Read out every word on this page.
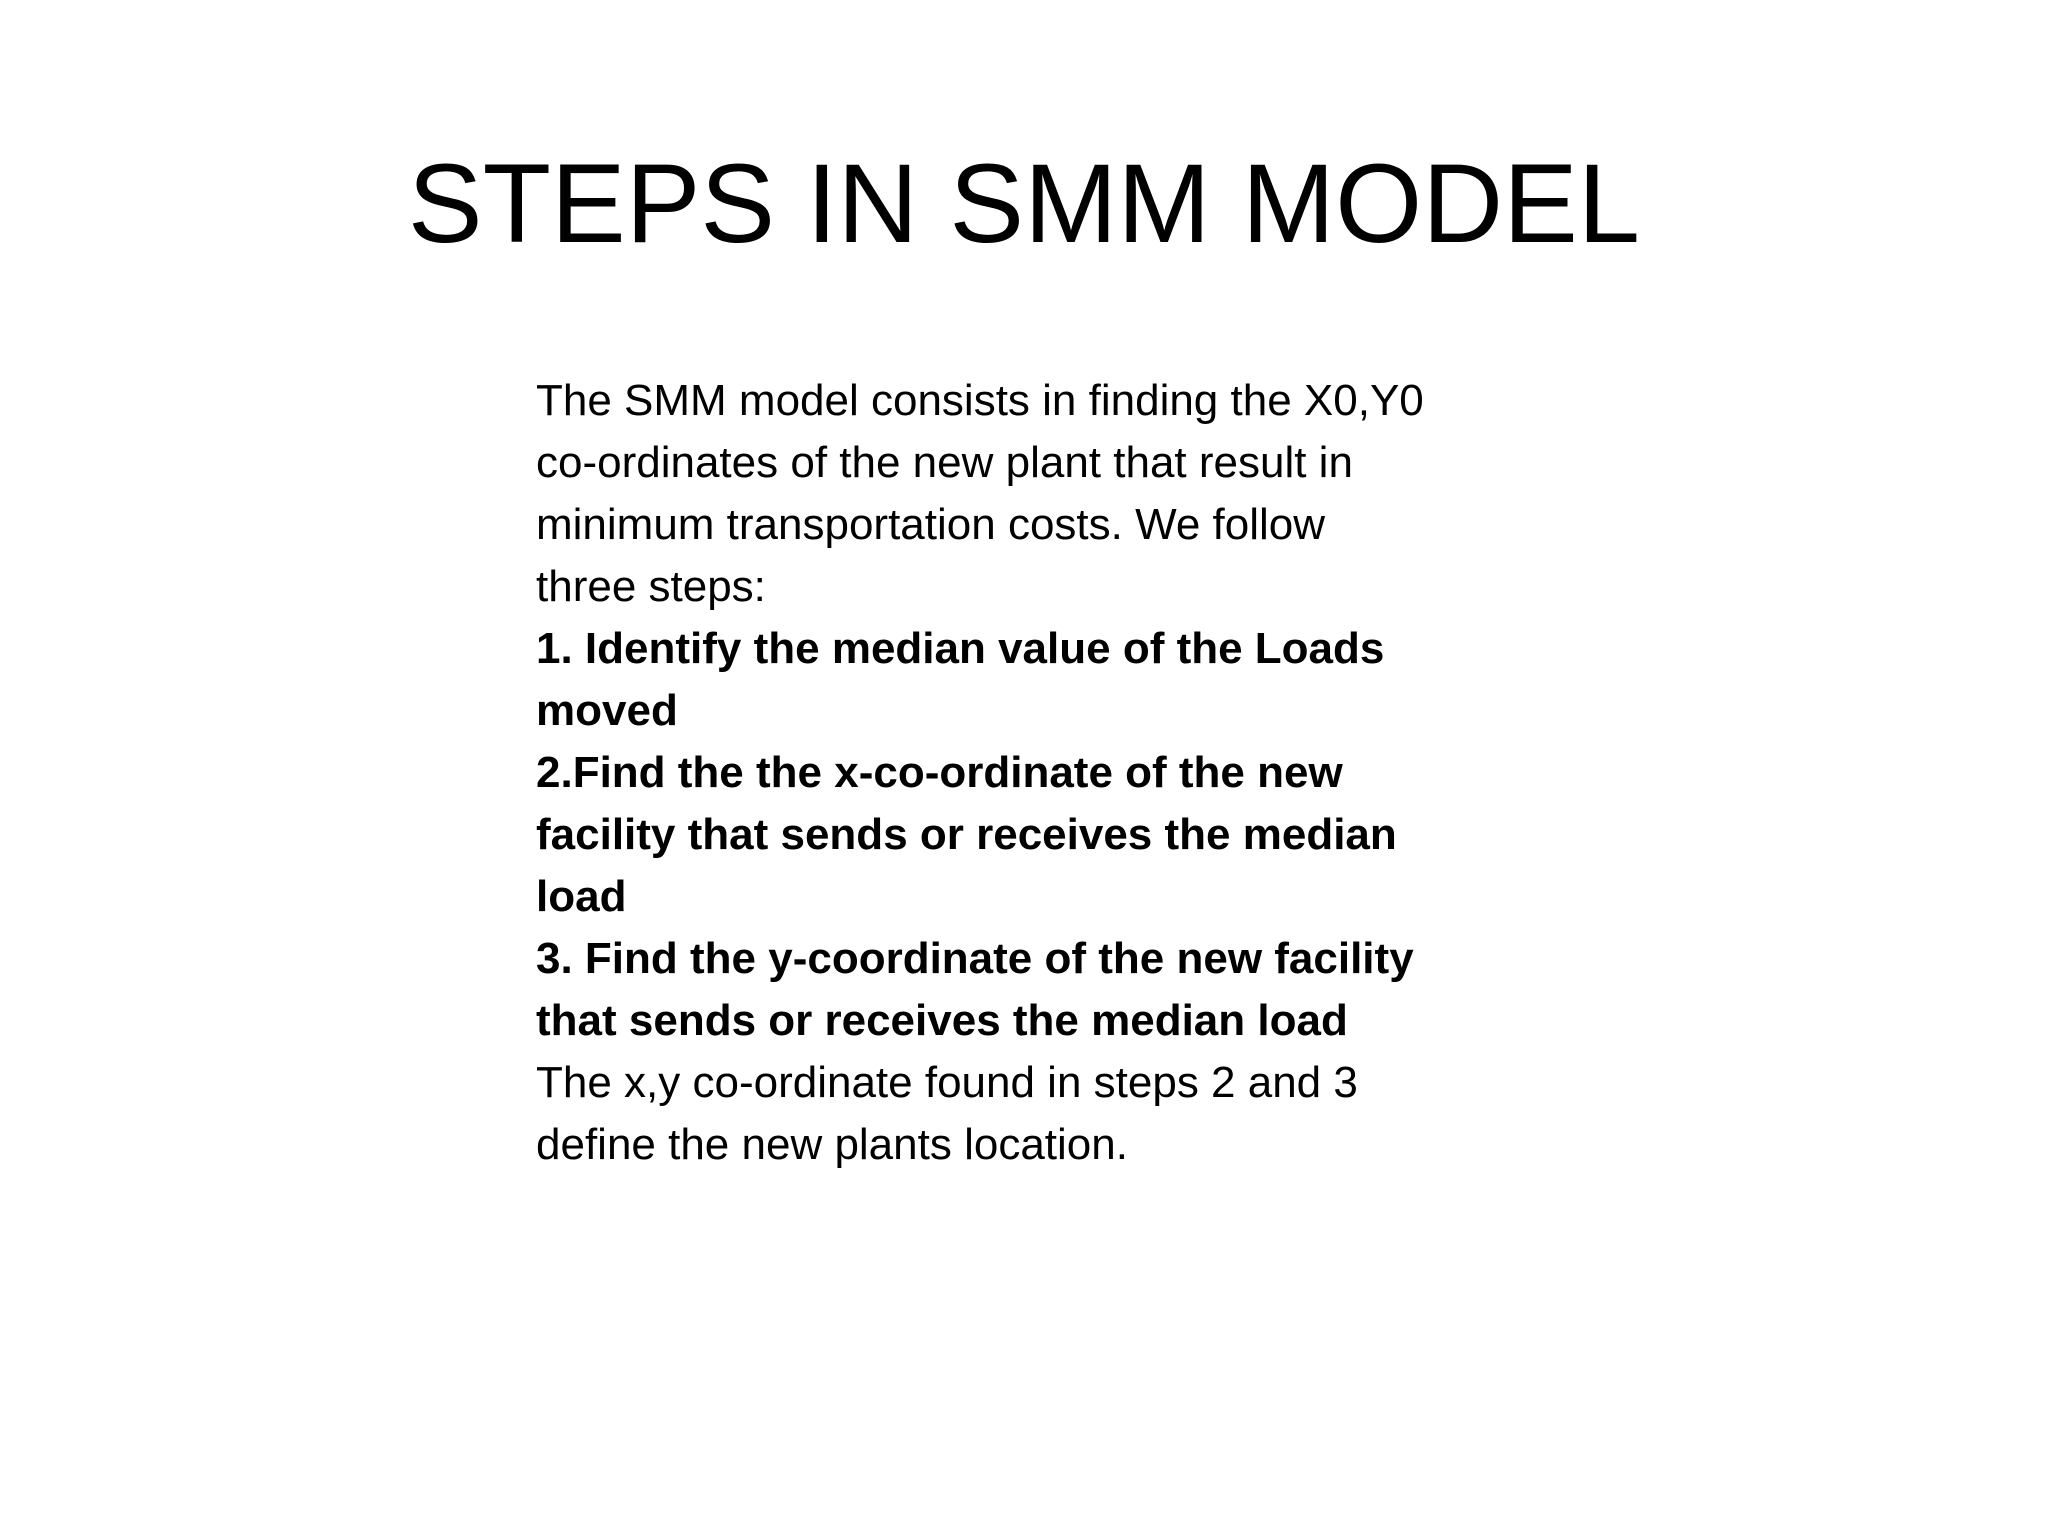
STEPS IN SMM MODEL
The SMM model consists in finding the X0,Y0
co-ordinates of the new plant that result in
minimum transportation costs. We follow
three steps:
1. Identify the median value of the Loads
moved
2.Find the the x-co-ordinate of the new
facility that sends or receives the median
load
3. Find the y-coordinate of the new facility
that sends or receives the median load
The x,y co-ordinate found in steps 2 and 3
define the new plants location.
